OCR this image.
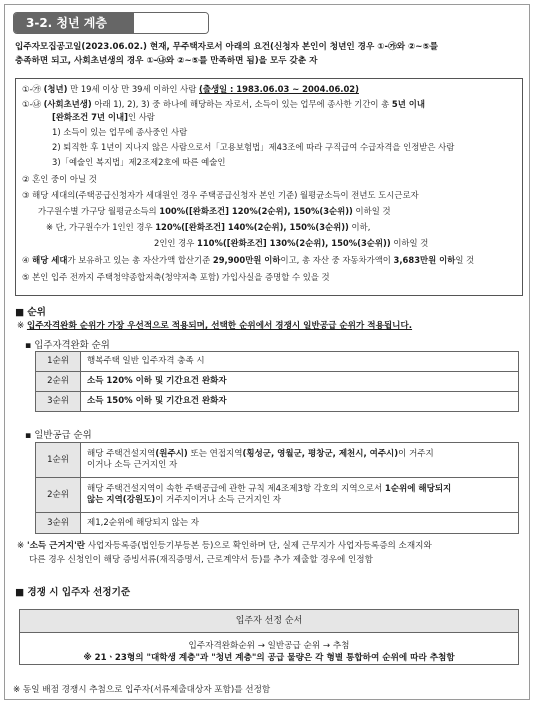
3-2. 청년 계층
입주자모집공고일(2023.06.02.) 현재, 무주택자로서 아래의 요건(신청자 본인이 청년인 경우 ①-㉮와 ②~⑤를
충족하면 되고, 사회초년생의 경우 ①-㉯와 ②~⑤를 만족하면 됨)을 모두 갖춘 자
①-㉮ (청년) 만 19세 이상 만 39세 이하인 사람 (출생일 : 1983.06.03 ~ 2004.06.02)
①-㉯ (사회초년생) 아래 1), 2), 3) 중 하나에 해당하는 자로서, 소득이 있는 업무에 종사한 기간이 총 5년 이내
[완화조건 7년 이내]인 사람
1) 소득이 있는 업무에 종사중인 사람
2) 퇴직한 후 1년이 지나지 않은 사람으로서「고용보험법」제43조에 따라 구직급여 수급자격을 인정받은 사람
3)「예술인 복지법」제2조제2호에 따른 예술인
② 혼인 중이 아닐 것
③ 해당 세대의(주택공급신청자가 세대원인 경우 주택공급신청자 본인 기준) 월평균소득이 전년도 도시근로자
가구원수별 가구당 월평균소득의 100%([완화조건] 120%(2순위), 150%(3순위)) 이하일 것
※ 단, 가구원수가 1인인 경우 120%([완화조건] 140%(2순위), 150%(3순위)) 이하,
2인인 경우 110%([완화조건] 130%(2순위), 150%(3순위)) 이하일 것
④ 해당 세대가 보유하고 있는 총 자산가액 합산기준 29,900만원 이하이고, 총 자산 중 자동차가액이 3,683만원 이하일 것
⑤ 본인 입주 전까지 주택청약종합저축(청약저축 포함) 가입사실을 증명할 수 있을 것
■ 순위
※ 입주자격완화 순위가 가장 우선적으로 적용되며, 선택한 순위에서 경쟁시 일반공급 순위가 적용됩니다.
▪ 입주자격완화 순위
1순위	행복주택 일반 입주자격 충족 시
2순위	소득 120% 이하 및 기간요건 완화자
3순위	소득 150% 이하 및 기간요건 완화자
▪ 일반공급 순위
1순위	해당 주택건설지역(원주시) 또는 연접지역(횡성군, 영월군, 평창군, 제천시, 여주시)이 거주지
이거나 소득 근거지인 자

2순위	해당 주택건설지역이 속한 주택공급에 관한 규칙 제4조제3항 각호의 지역으로서 1순위에 해당되지
않는 지역(강원도)이 거주지이거나 소득 근거지인 자

3순위	제1,2순위에 해당되지 않는 자
※ '소득 근거지'란 사업자등록증(법인등기부등본 등)으로 확인하며 단, 실제 근무지가 사업자등록증의 소재지와
다른 경우 신청인이 해당 증빙서류(재직증명서, 근로계약서 등)를 추가 제출할 경우에 인정함
■ 경쟁 시 입주자 선정기준
입주자 선정 순서
입주자격완화순위 → 일반공급 순위 → 추첨
※ 21ㆍ23형의 "대학생 계층"과 "청년 계층"의 공급 물량은 각 형별 통합하여 순위에 따라 추첨함
※ 동일 배점 경쟁시 추첨으로 입주자(서류제출대상자 포함)를 선정함
